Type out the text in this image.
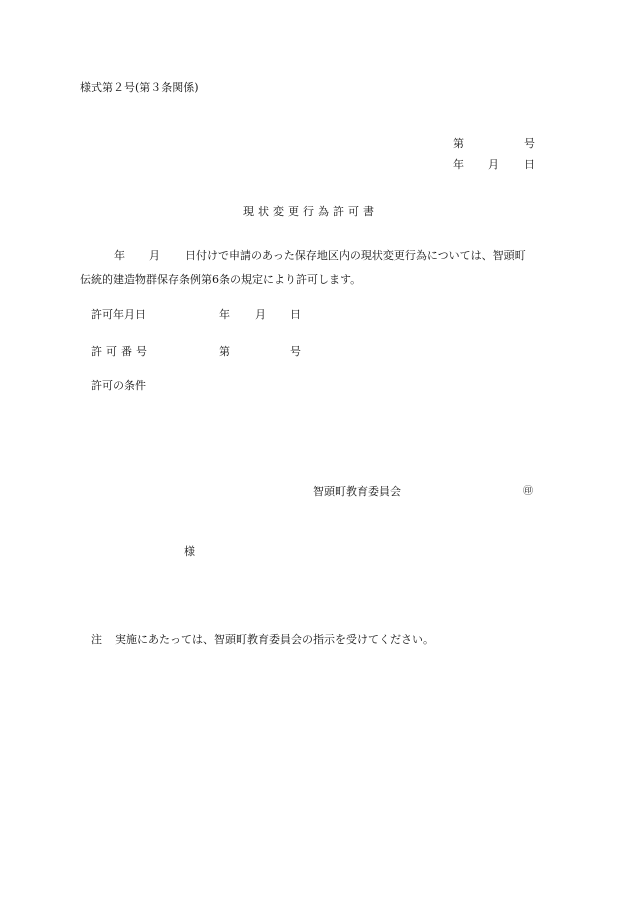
様式第２号(第３条関係)
第	号
年 月 日
現状変更行為許可書
年 月 日付けで申請のあった保存地区内の現状変更行為については、智頭町
伝統的建造物群保存条例第6条の規定により許可します。
許可年月日	年 月 日
許可番号	第	号
許可の条件
智頭町教育委員会	㊞
様
注 実施にあたっては、智頭町教育委員会の指示を受けてください。
